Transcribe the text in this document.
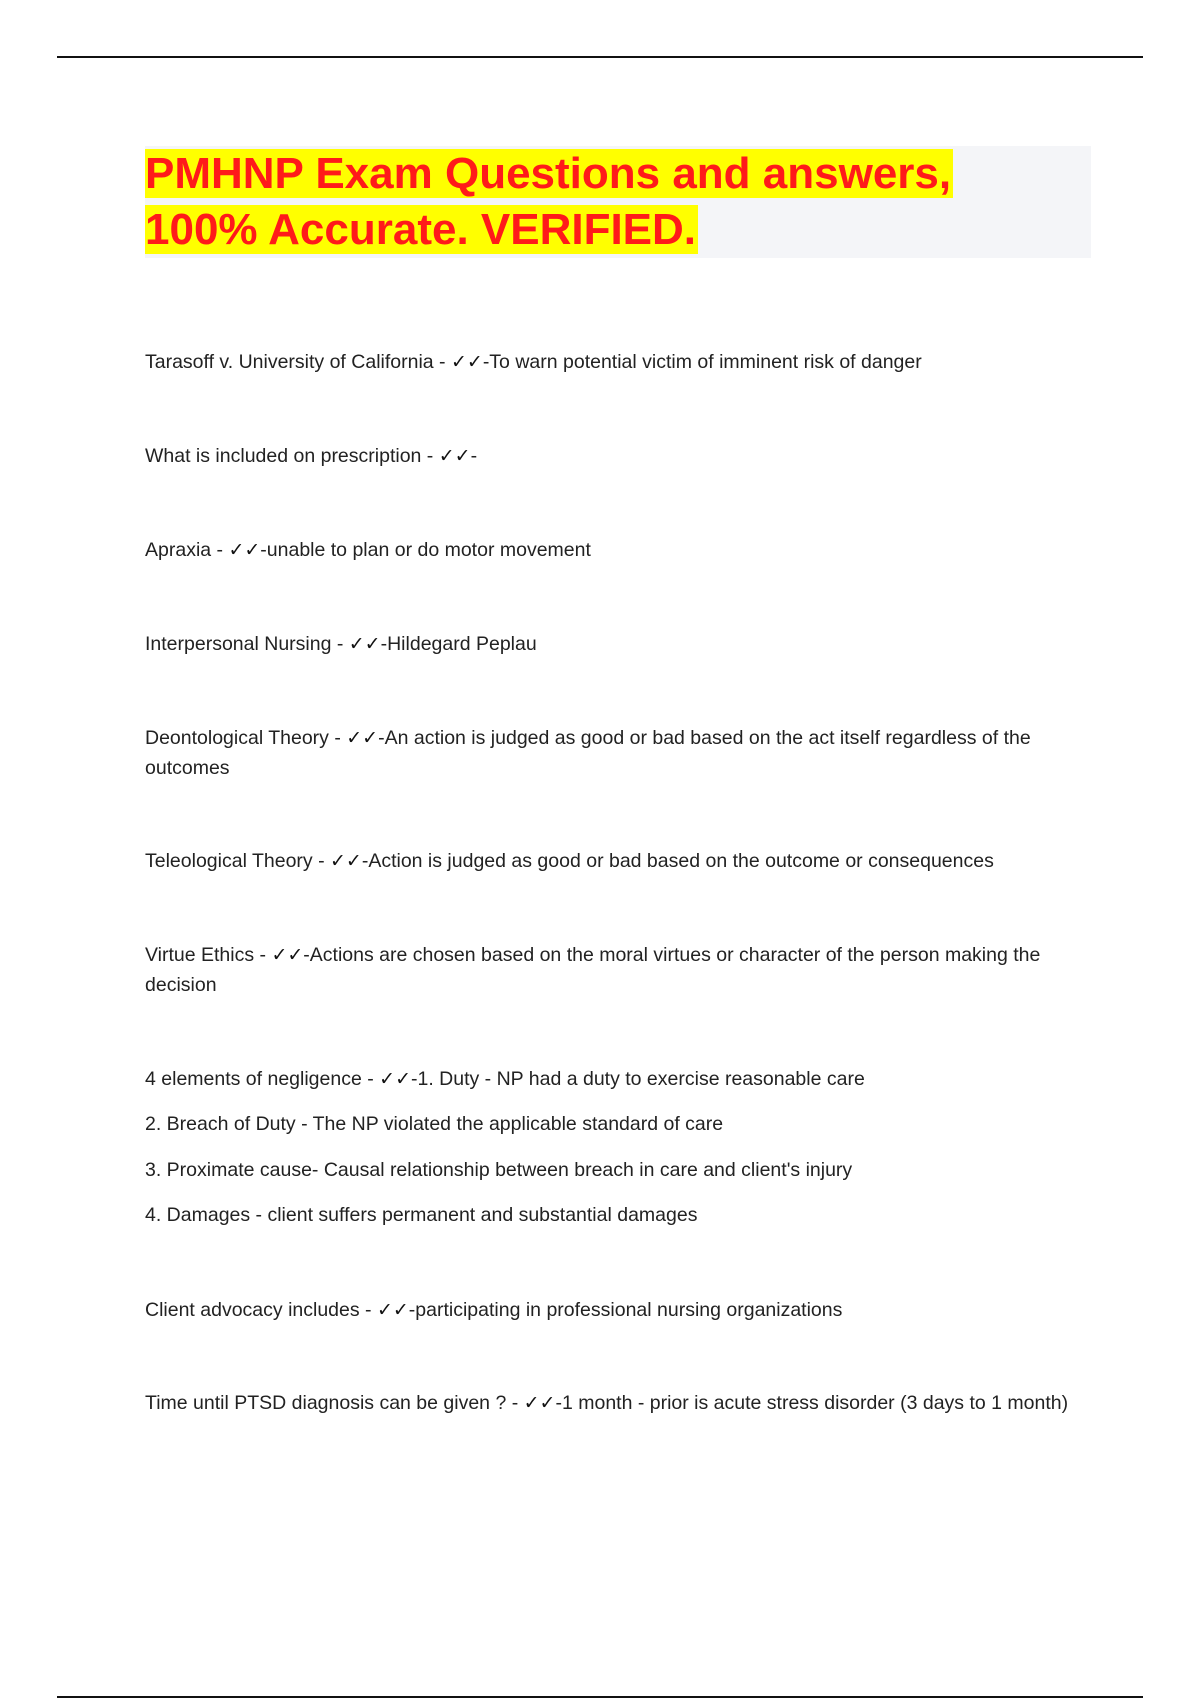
PMHNP Exam Questions and answers, 100% Accurate. VERIFIED.

Tarasoff v. University of California - ✓✓-To warn potential victim of imminent risk of danger

What is included on prescription - ✓✓-

Apraxia - ✓✓-unable to plan or do motor movement

Interpersonal Nursing - ✓✓-Hildegard Peplau

Deontological Theory - ✓✓-An action is judged as good or bad based on the act itself regardless of the outcomes

Teleological Theory - ✓✓-Action is judged as good or bad based on the outcome or consequences

Virtue Ethics - ✓✓-Actions are chosen based on the moral virtues or character of the person making the decision

4 elements of negligence - ✓✓-1. Duty - NP had a duty to exercise reasonable care

2. Breach of Duty - The NP violated the applicable standard of care

3. Proximate cause- Causal relationship between breach in care and client's injury

4. Damages - client suffers permanent and substantial damages

Client advocacy includes - ✓✓-participating in professional nursing organizations

Time until PTSD diagnosis can be given ? - ✓✓-1 month - prior is acute stress disorder (3 days to 1 month)
